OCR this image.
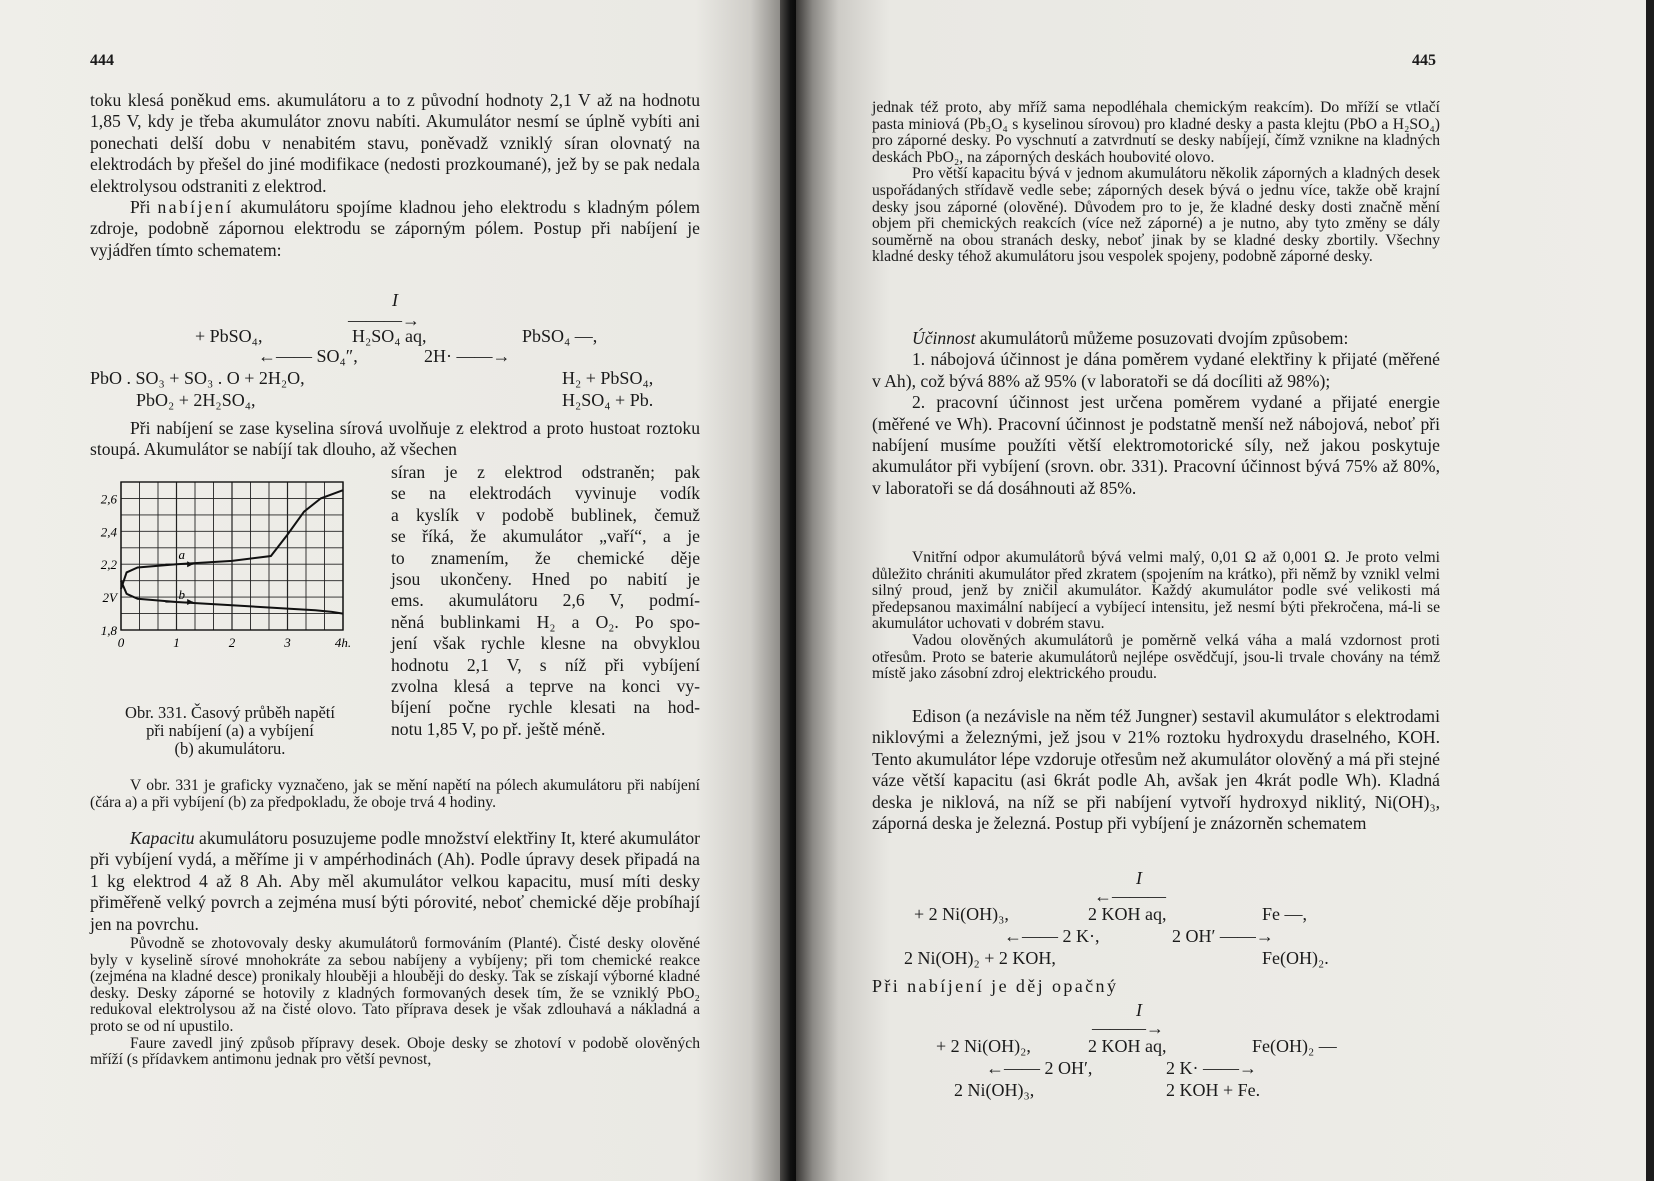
444

toku klesá poněkud ems. akumulátoru a to z původní hodnoty 2,1 V až na hodnotu 1,85 V, kdy je třeba akumulátor znovu nabíti. Akumulátor nesmí se úplně vybíti ani ponechati delší dobu v nenabitém stavu, poněvadž vzniklý síran olovnatý na elektrodách by přešel do jiné modifikace (nedosti prozkoumané), jež by se pak nedala elektrolysou odstraniti z elektrod.

Při nabíjení akumulátoru spojíme kladnou jeho elektrodu s kladným pólem zdroje, podobně zápornou elektrodu se záporným pólem. Postup při nabíjení je vyjádřen tímto schematem:

I
———→
+ PbSO₄,	H₂SO₄ aq,	PbSO₄ —,
←—— SO₄″,	2H· ——→
PbO . SO₃ + SO₃ . O + 2H₂O,	H₂ + PbSO₄,
PbO₂ + 2H₂SO₄,	H₂SO₄ + Pb.

Při nabíjení se zase kyselina sírová uvolňuje z elektrod a proto hustoat roztoku stoupá. Akumulátor se nabíjí tak dlouho, až všechen

1,8
2V
2,2
2,4
2,6
0	1	2	3	4h.
a
b
Obr. 331. Časový průběh napětí
při nabíjení (a) a vybíjení
(b) akumulátoru.
síran je z elektrod odstraněn; pak
se na elektrodách vyvinuje vodík
a kyslík v podobě bublinek, čemuž
se říká, že akumulátor „vaří“, a je
to znamením, že chemické děje
jsou ukončeny. Hned po nabití je
ems. akumulátoru 2,6 V, podmí-
něná bublinkami H₂ a O₂. Po spo-
jení však rychle klesne na obvyklou
hodnotu 2,1 V, s níž při vybíjení
zvolna klesá a teprve na konci vy-
bíjení počne rychle klesati na hod-
notu 1,85 V, po př. ještě méně.

V obr. 331 je graficky vyznačeno, jak se mění napětí na pólech akumulátoru při nabíjení (čára a) a při vybíjení (b) za předpokladu, že oboje trvá 4 hodiny.

Kapacitu akumulátoru posuzujeme podle množství elektřiny It, které akumulátor při vybíjení vydá, a měříme ji v ampérhodinách (Ah). Podle úpravy desek připadá na 1 kg elektrod 4 až 8 Ah. Aby měl akumulátor velkou kapacitu, musí míti desky přiměřeně velký povrch a zejména musí býti pórovité, neboť chemické děje probíhají jen na povrchu.

Původně se zhotovovaly desky akumulátorů formováním (Planté). Čisté desky olověné byly v kyselině sírové mnohokráte za sebou nabíjeny a vybíjeny; při tom chemické reakce (zejména na kladné desce) pronikaly hlouběji a hlouběji do desky. Tak se získají výborné kladné desky. Desky záporné se hotovily z kladných formovaných desek tím, že se vzniklý PbO₂ redukoval elektrolysou až na čisté olovo. Tato příprava desek je však zdlouhavá a nákladná a proto se od ní upustilo.

Faure zavedl jiný způsob přípravy desek. Oboje desky se zhotoví v podobě olověných mříží (s přídavkem antimonu jednak pro větší pevnost,

445

jednak též proto, aby mříž sama nepodléhala chemickým reakcím). Do mříží se vtlačí pasta miniová (Pb₃O₄ s kyselinou sírovou) pro kladné desky a pasta klejtu (PbO a H₂SO₄) pro záporné desky. Po vyschnutí a zatvrdnutí se desky nabíjejí, čímž vznikne na kladných deskách PbO₂, na záporných deskách houbovité olovo.

Pro větší kapacitu bývá v jednom akumulátoru několik záporných a kladných desek uspořádaných střídavě vedle sebe; záporných desek bývá o jednu více, takže obě krajní desky jsou záporné (olověné). Důvodem pro to je, že kladné desky dosti značně mění objem při chemických reakcích (více než záporné) a je nutno, aby tyto změny se dály souměrně na obou stranách desky, neboť jinak by se kladné desky zbortily. Všechny kladné desky téhož akumulátoru jsou vespolek spojeny, podobně záporné desky.

Účinnost akumulátorů můžeme posuzovati dvojím způsobem:

1. nábojová účinnost je dána poměrem vydané elektřiny k přijaté (měřené v Ah), což bývá 88% až 95% (v laboratoři se dá docíliti až 98%);

2. pracovní účinnost jest určena poměrem vydané a přijaté energie (měřené ve Wh). Pracovní účinnost je podstatně menší než nábojová, neboť při nabíjení musíme použíti větší elektromotorické síly, než jakou poskytuje akumulátor při vybíjení (srovn. obr. 331). Pracovní účinnost bývá 75% až 80%, v laboratoři se dá dosáhnouti až 85%.

Vnitřní odpor akumulátorů bývá velmi malý, 0,01 Ω až 0,001 Ω. Je proto velmi důležito chrániti akumulátor před zkratem (spojením na krátko), při němž by vznikl velmi silný proud, jenž by zničil akumulátor. Každý akumulátor podle své velikosti má předepsanou maximální nabíjecí a vybíjecí intensitu, jež nesmí býti překročena, má-li se akumulátor uchovati v dobrém stavu.

Vadou olověných akumulátorů je poměrně velká váha a malá vzdornost proti otřesům. Proto se baterie akumulátorů nejlépe osvědčují, jsou-li trvale chovány na témž místě jako zásobní zdroj elektrického proudu.

Edison (a nezávisle na něm též Jungner) sestavil akumulátor s elektrodami niklovými a železnými, jež jsou v 21% roztoku hydroxydu draselného, KOH. Tento akumulátor lépe vzdoruje otřesům než akumulátor olověný a má při stejné váze větší kapacitu (asi 6krát podle Ah, avšak jen 4krát podle Wh). Kladná deska je niklová, na níž se při nabíjení vytvoří hydroxyd niklitý, Ni(OH)₃, záporná deska je železná. Postup při vybíjení je znázorněn schematem

I
←———
+ 2 Ni(OH)₃,	2 KOH aq,	Fe —,
←—— 2 K·,	2 OH′ ——→
2 Ni(OH)₂ + 2 KOH,	Fe(OH)₂.
Při nabíjení je děj opačný
I
———→
+ 2 Ni(OH)₂,	2 KOH aq,	Fe(OH)₂ —
←—— 2 OH′,	2 K· ——→
2 Ni(OH)₃,	2 KOH + Fe.
